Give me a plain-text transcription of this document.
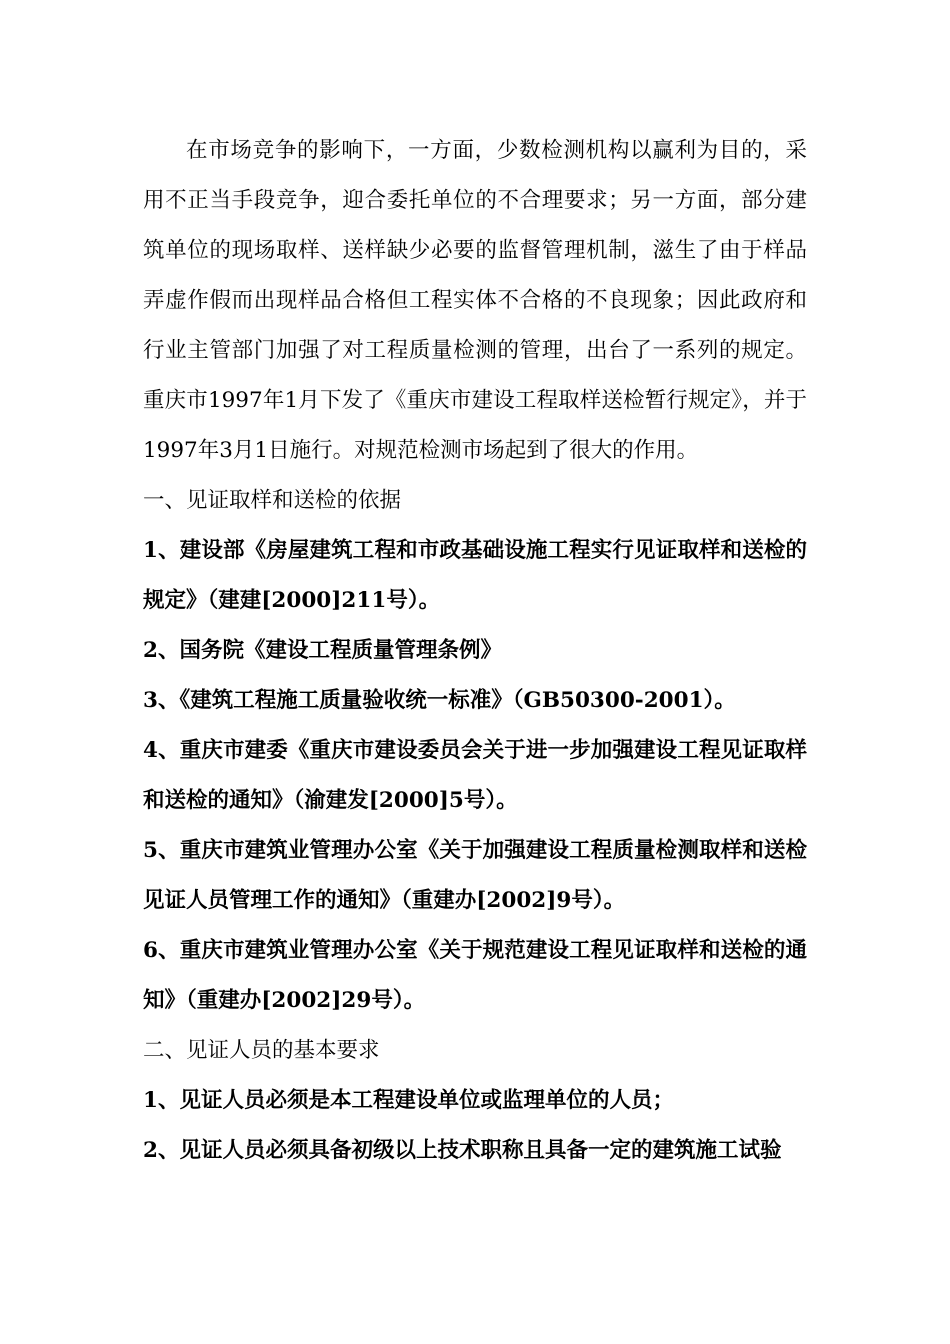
在市场竞争的影响下，一方面，少数检测机构以赢利为目的，采用不正当手段竞争，迎合委托单位的不合理要求；另一方面，部分建筑单位的现场取样、送样缺少必要的监督管理机制，滋生了由于样品弄虚作假而出现样品合格但工程实体不合格的不良现象；因此政府和行业主管部门加强了对工程质量检测的管理，出台了一系列的规定。重庆市1997年1月下发了《重庆市建设工程取样送检暂行规定》，并于1997年3月1日施行。对规范检测市场起到了很大的作用。

一、见证取样和送检的依据

1、建设部《房屋建筑工程和市政基础设施工程实行见证取样和送检的规定》（建建[2000]211号）。

2、国务院《建设工程质量管理条例》

3、《建筑工程施工质量验收统一标准》（GB50300-2001）。

4、重庆市建委《重庆市建设委员会关于进一步加强建设工程见证取样和送检的通知》（渝建发[2000]5号）。

5、重庆市建筑业管理办公室《关于加强建设工程质量检测取样和送检见证人员管理工作的通知》（重建办[2002]9号）。

6、重庆市建筑业管理办公室《关于规范建设工程见证取样和送检的通知》（重建办[2002]29号）。

二、见证人员的基本要求

1、见证人员必须是本工程建设单位或监理单位的人员；

2、见证人员必须具备初级以上技术职称且具备一定的建筑施工试验
